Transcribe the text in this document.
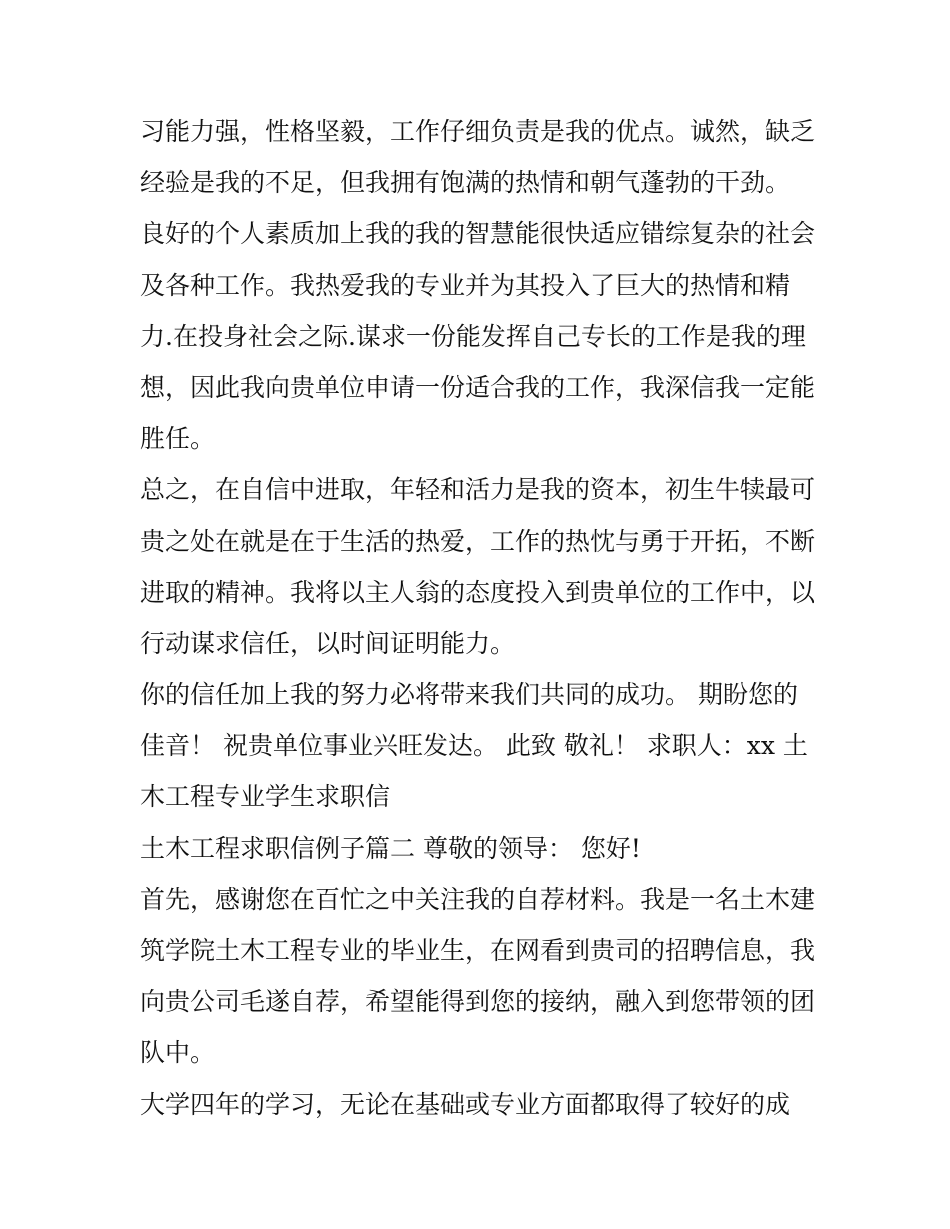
习能力强，性格坚毅，工作仔细负责是我的优点。诚然，缺乏
经验是我的不足，但我拥有饱满的热情和朝气蓬勃的干劲。
良好的个人素质加上我的我的智慧能很快适应错综复杂的社会
及各种工作。我热爱我的专业并为其投入了巨大的热情和精
力.在投身社会之际.谋求一份能发挥自己专长的工作是我的理
想，因此我向贵单位申请一份适合我的工作，我深信我一定能
胜任。
总之，在自信中进取，年轻和活力是我的资本，初生牛犊最可
贵之处在就是在于生活的热爱，工作的热忱与勇于开拓，不断
进取的精神。我将以主人翁的态度投入到贵单位的工作中，以
行动谋求信任，以时间证明能力。
你的信任加上我的努力必将带来我们共同的成功。 期盼您的
佳音！ 祝贵单位事业兴旺发达。 此致 敬礼！ 求职人：xx 土
木工程专业学生求职信
土木工程求职信例子篇二 尊敬的领导： 您好!
首先，感谢您在百忙之中关注我的自荐材料。我是一名土木建
筑学院土木工程专业的毕业生，在网看到贵司的招聘信息，我
向贵公司毛遂自荐，希望能得到您的接纳，融入到您带领的团
队中。
大学四年的学习，无论在基础或专业方面都取得了较好的成
